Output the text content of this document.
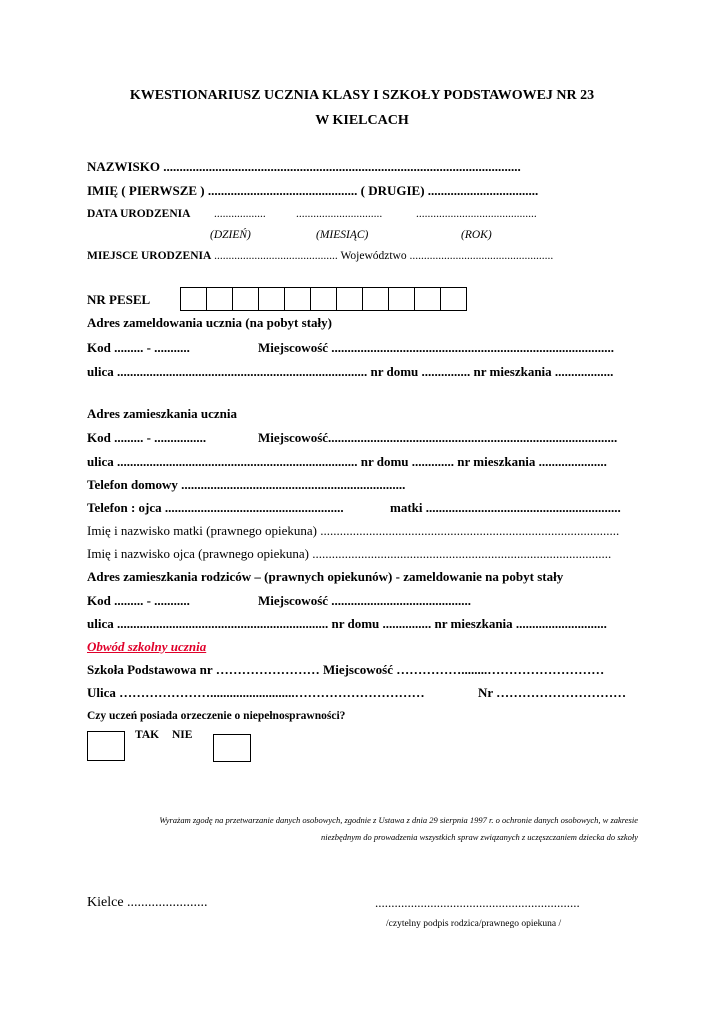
KWESTIONARIUSZ UCZNIA KLASY I SZKOŁY PODSTAWOWEJ NR 23
W KIELCACH
NAZWISKO ..............................................................................................................
IMIĘ ( PIERWSZE ) .............................................. ( DRUGIE) ..................................
DATA URODZENIA ..................	..............................	..........................................
(DZIEŃ)	(MIESIĄC)	(ROK)
MIEJSCE URODZENIA ........................................... Województwo ..................................................
NR PESEL
Adres zameldowania ucznia (na pobyt stały)
Kod ......... - ...........	Miejscowość .......................................................................................
ulica ............................................................................. nr domu ............... nr mieszkania ..................
Adres zamieszkania ucznia
Kod ......... - ................	Miejscowość.........................................................................................
ulica .......................................................................... nr domu ............. nr mieszkania .....................
Telefon domowy .....................................................................
Telefon : ojca .......................................................	matki ............................................................
Imię i nazwisko matki (prawnego opiekuna) ............................................................................................
Imię i nazwisko ojca (prawnego opiekuna) ............................................................................................
Adres zamieszkania rodziców – (prawnych opiekunów) - zameldowanie na pobyt stały
Kod ......... - ...........	Miejscowość ...........................................
ulica ................................................................. nr domu ............... nr mieszkania ............................
Obwód szkolny ucznia
Szkoła Podstawowa nr …………………… Miejscowość ……………........………………………
Ulica …………………..........................…………………………	Nr …………………………
Czy uczeń posiada orzeczenie o niepełnosprawności?
TAK NIE
Wyrażam zgodę na przetwarzanie danych osobowych, zgodnie z Ustawa z dnia 29 sierpnia 1997 r. o ochronie danych osobowych, w zakresie
niezbędnym do prowadzenia wszystkich spraw związanych z uczęszczaniem dziecka do szkoły
Kielce .......................	...............................................................
/czytelny podpis rodzica/prawnego opiekuna /
